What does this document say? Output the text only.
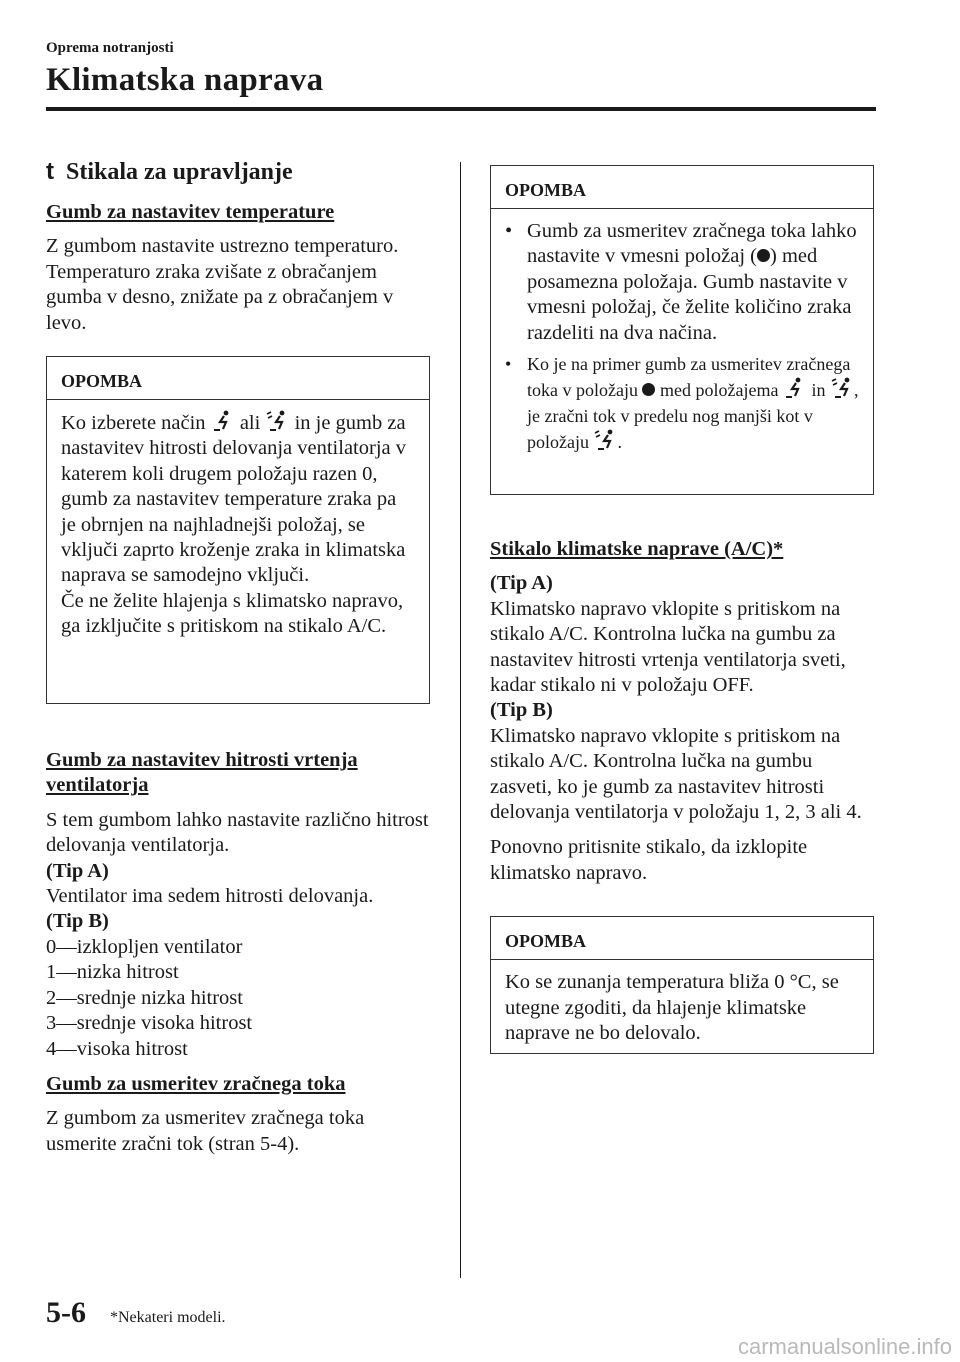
Oprema notranjosti
Klimatska naprava
t Stikala za upravljanje

Gumb za nastavitev temperature

Z gumbom nastavite ustrezno temperaturo. Temperaturo zraka zvišate z obračanjem gumba v desno, znižate pa z obračanjem v levo.

OPOMBA

Ko izberete način ali in je gumb za nastavitev hitrosti delovanja ventilatorja v katerem koli drugem položaju razen 0, gumb za nastavitev temperature zraka pa je obrnjen na najhladnejši položaj, se vklјuči zaprto kroženje zraka in klimatska naprava se samodejno vklјuči.

Če ne želite hlajenja s klimatsko napravo, ga izklјučite s pritiskom na stikalo A/C.

Gumb za nastavitev hitrosti vrtenja

ventilatorja

S tem gumbom lahko nastavite različno hitrost delovanja ventilatorja.

(Tip A)

Ventilator ima sedem hitrosti delovanja.

(Tip B)

0—izklopljen ventilator

1—nizka hitrost

2—srednje nizka hitrost

3—srednje visoka hitrost

4—visoka hitrost

Gumb za usmeritev zračnega toka

Z gumbom za usmeritev zračnega toka usmerite zračni tok (stran 5-4).

OPOMBA
• Gumb za usmeritev zračnega toka lahko nastavite v vmesni položaj ( ) med posamezna položaja. Gumb nastavite v vmesni položaj, če želite količino zraka razdeliti na dva načina.
• Ko je na primer gumb za usmeritev zračnega toka v položaju med položajema in , je zračni tok v predelu nog manjši kot v položaju .

Stikalo klimatske naprave (A/C)*

(Tip A)

Klimatsko napravo vklopite s pritiskom na stikalo A/C. Kontrolna lučka na gumbu za nastavitev hitrosti vrtenja ventilatorja sveti, kadar stikalo ni v položaju OFF.

(Tip B)

Klimatsko napravo vklopite s pritiskom na stikalo A/C. Kontrolna lučka na gumbu zasveti, ko je gumb za nastavitev hitrosti delovanja ventilatorja v položaju 1, 2, 3 ali 4.

Ponovno pritisnite stikalo, da izklopite klimatsko napravo.

OPOMBA
Ko se zunanja temperatura bliža 0 °C, se utegne zgoditi, da hlajenje klimatske naprave ne bo delovalo.
5-6 *Nekateri modeli.
carmanualsonline.info
